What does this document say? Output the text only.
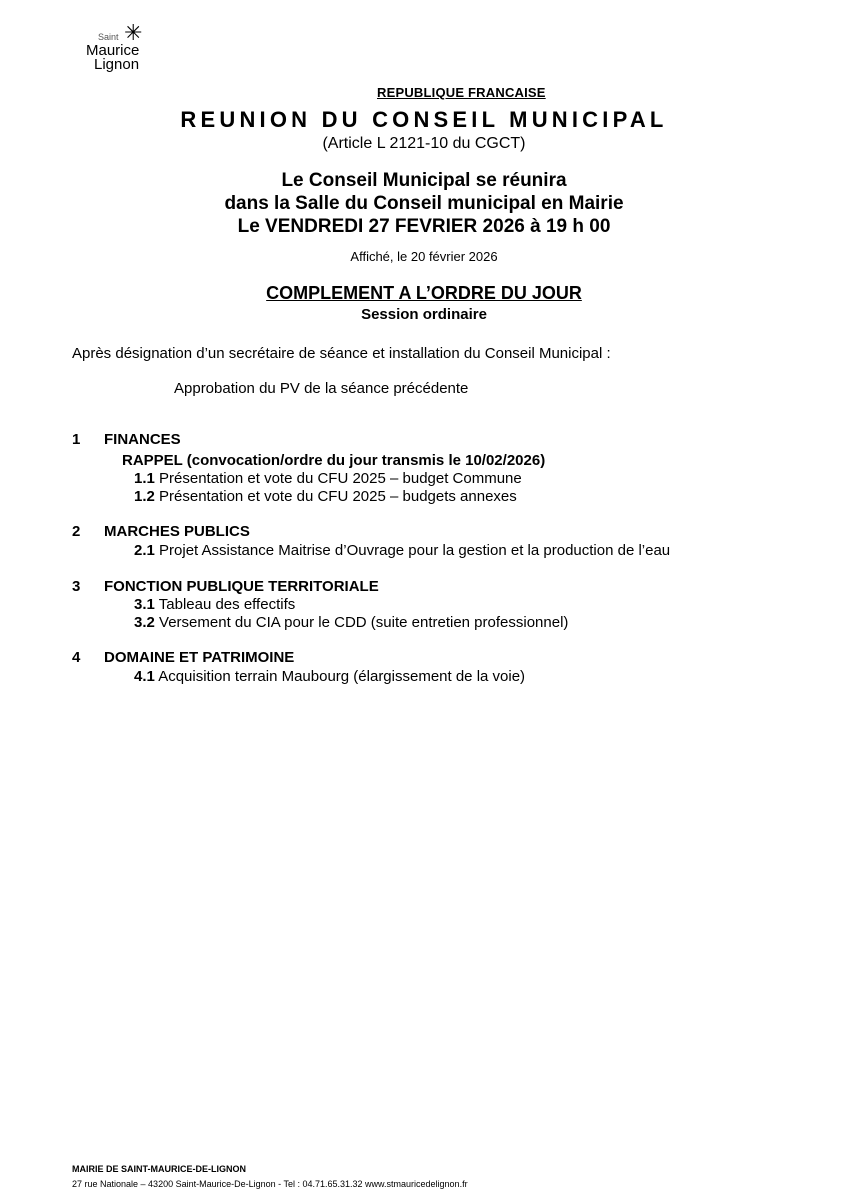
Saint ✳
Maurice
Lignon
REPUBLIQUE FRANCAISE
REUNION DU CONSEIL MUNICIPAL
(Article L 2121-10 du CGCT)
Le Conseil Municipal se réunira
dans la Salle du Conseil municipal en Mairie
Le VENDREDI 27 FEVRIER 2026 à 19 h 00
Affiché, le 20 février 2026
COMPLEMENT A L’ORDRE DU JOUR
Session ordinaire
Après désignation d’un secrétaire de séance et installation du Conseil Municipal :
Approbation du PV de la séance précédente
1 FINANCES
RAPPEL (convocation/ordre du jour transmis le 10/02/2026)
1.1 Présentation et vote du CFU 2025 – budget Commune
1.2 Présentation et vote du CFU 2025 – budgets annexes
2 MARCHES PUBLICS
2.1 Projet Assistance Maitrise d’Ouvrage pour la gestion et la production de l’eau
3 FONCTION PUBLIQUE TERRITORIALE
3.1 Tableau des effectifs
3.2 Versement du CIA pour le CDD (suite entretien professionnel)
4 DOMAINE ET PATRIMOINE
4.1 Acquisition terrain Maubourg (élargissement de la voie)
MAIRIE DE SAINT-MAURICE-DE-LIGNON
27 rue Nationale – 43200 Saint-Maurice-De-Lignon - Tel : 04.71.65.31.32 www.stmauricedelignon.fr
